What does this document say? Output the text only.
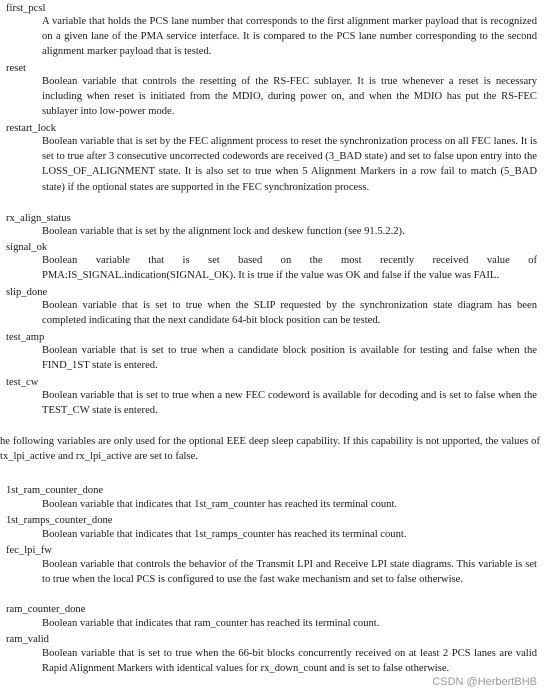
first_pcsl
A variable that holds the PCS lane number that corresponds to the first alignment marker payload that is recognized on a given lane of the PMA service interface. It is compared to the PCS lane number corresponding to the second alignment marker payload that is tested.
reset
Boolean variable that controls the resetting of the RS-FEC sublayer. It is true whenever a reset is necessary including when reset is initiated from the MDIO, during power on, and when the MDIO has put the RS-FEC sublayer into low-power mode.
restart_lock
Boolean variable that is set by the FEC alignment process to reset the synchronization process on all FEC lanes. It is set to true after 3 consecutive uncorrected codewords are received (3_BAD state) and set to false upon entry into the LOSS_OF_ALIGNMENT state. It is also set to true when 5 Alignment Markers in a row fail to match (5_BAD state) if the optional states are supported in the FEC synchronization process.
rx_align_status
Boolean variable that is set by the alignment lock and deskew function (see 91.5.2.2).
signal_ok
Boolean variable that is set based on the most recently received value of PMA:IS_SIGNAL.indication(SIGNAL_OK). It is true if the value was OK and false if the value was FAIL.
slip_done
Boolean variable that is set to true when the SLIP requested by the synchronization state diagram has been completed indicating that the next candidate 64-bit block position can be tested.
test_amp
Boolean variable that is set to true when a candidate block position is available for testing and false when the FIND_1ST state is entered.
test_cw
Boolean variable that is set to true when a new FEC codeword is available for decoding and is set to false when the TEST_CW state is entered.
he following variables are only used for the optional EEE deep sleep capability. If this capability is not upported, the values of tx_lpi_active and rx_lpi_active are set to false.
1st_ram_counter_done
Boolean variable that indicates that 1st_ram_counter has reached its terminal count.
1st_ramps_counter_done
Boolean variable that indicates that 1st_ramps_counter has reached its terminal count.
fec_lpi_fw
Boolean variable that controls the behavior of the Transmit LPI and Receive LPI state diagrams. This variable is set to true when the local PCS is configured to use the fast wake mechanism and set to false otherwise.
ram_counter_done
Boolean variable that indicates that ram_counter has reached its terminal count.
ram_valid
Boolean variable that is set to true when the 66-bit blocks concurrently received on at least 2 PCS lanes are valid Rapid Alignment Markers with identical values for rx_down_count and is set to false otherwise.
CSDN @HerbertBHB
